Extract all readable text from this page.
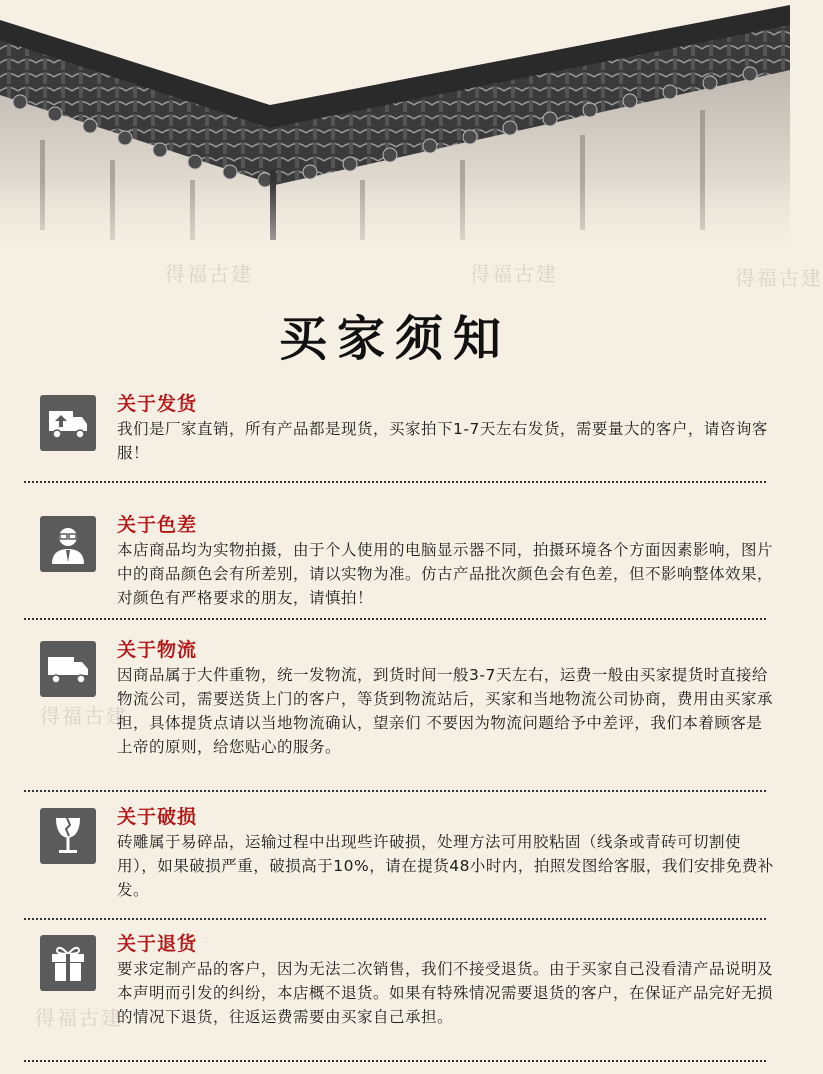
得福古建	得福古建	得福古建
得福古建
得福古建
买家须知
关于发货
我们是厂家直销，所有产品都是现货，买家拍下1-7天左右发货，需要量大的客户，请咨询客服！
关于色差
本店商品均为实物拍摄，由于个人使用的电脑显示器不同，拍摄环境各个方面因素影响，图片中的商品颜色会有所差别，请以实物为准。仿古产品批次颜色会有色差，但不影响整体效果，对颜色有严格要求的朋友，请慎拍！
关于物流
因商品属于大件重物，统一发物流，到货时间一般3-7天左右，运费一般由买家提货时直接给物流公司，需要送货上门的客户，等货到物流站后，买家和当地物流公司协商，费用由买家承担，具体提货点请以当地物流确认，望亲们 不要因为物流问题给予中差评，我们本着顾客是上帝的原则，给您贴心的服务。
关于破损
砖雕属于易碎品，运输过程中出现些许破损，处理方法可用胶粘固（线条或青砖可切割使用），如果破损严重，破损高于10%，请在提货48小时内，拍照发图给客服，我们安排免费补发。
关于退货
要求定制产品的客户，因为无法二次销售，我们不接受退货。由于买家自己没看清产品说明及本声明而引发的纠纷，本店概不退货。如果有特殊情况需要退货的客户，在保证产品完好无损的情况下退货，往返运费需要由买家自己承担。
